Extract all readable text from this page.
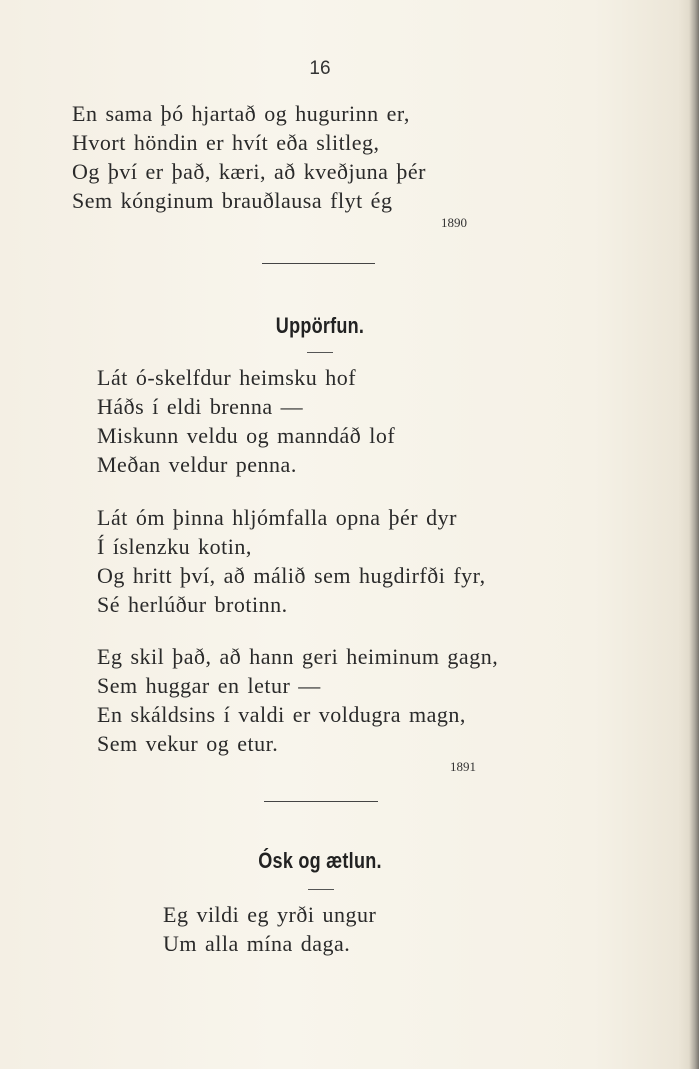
16
En sama þó hjartað og hugurinn er,
Hvort höndin er hvít eða slitleg,
Og því er það, kæri, að kveðjuna þér
Sem kónginum brauðlausa flyt ég
1890
Uppörfun.
Lát ó-skelfdur heimsku hof
Háðs í eldi brenna —
Miskunn veldu og manndáð lof
Meðan veldur penna.
Lát óm þinna hljómfalla opna þér dyr
Í íslenzku kotin,
Og hritt því, að málið sem hugdirfði fyr,
Sé herlúður brotinn.
Eg skil það, að hann geri heiminum gagn,
Sem huggar en letur —
En skáldsins í valdi er voldugra magn,
Sem vekur og etur.
1891
Ósk og ætlun.
Eg vildi eg yrði ungur
Um alla mína daga.
